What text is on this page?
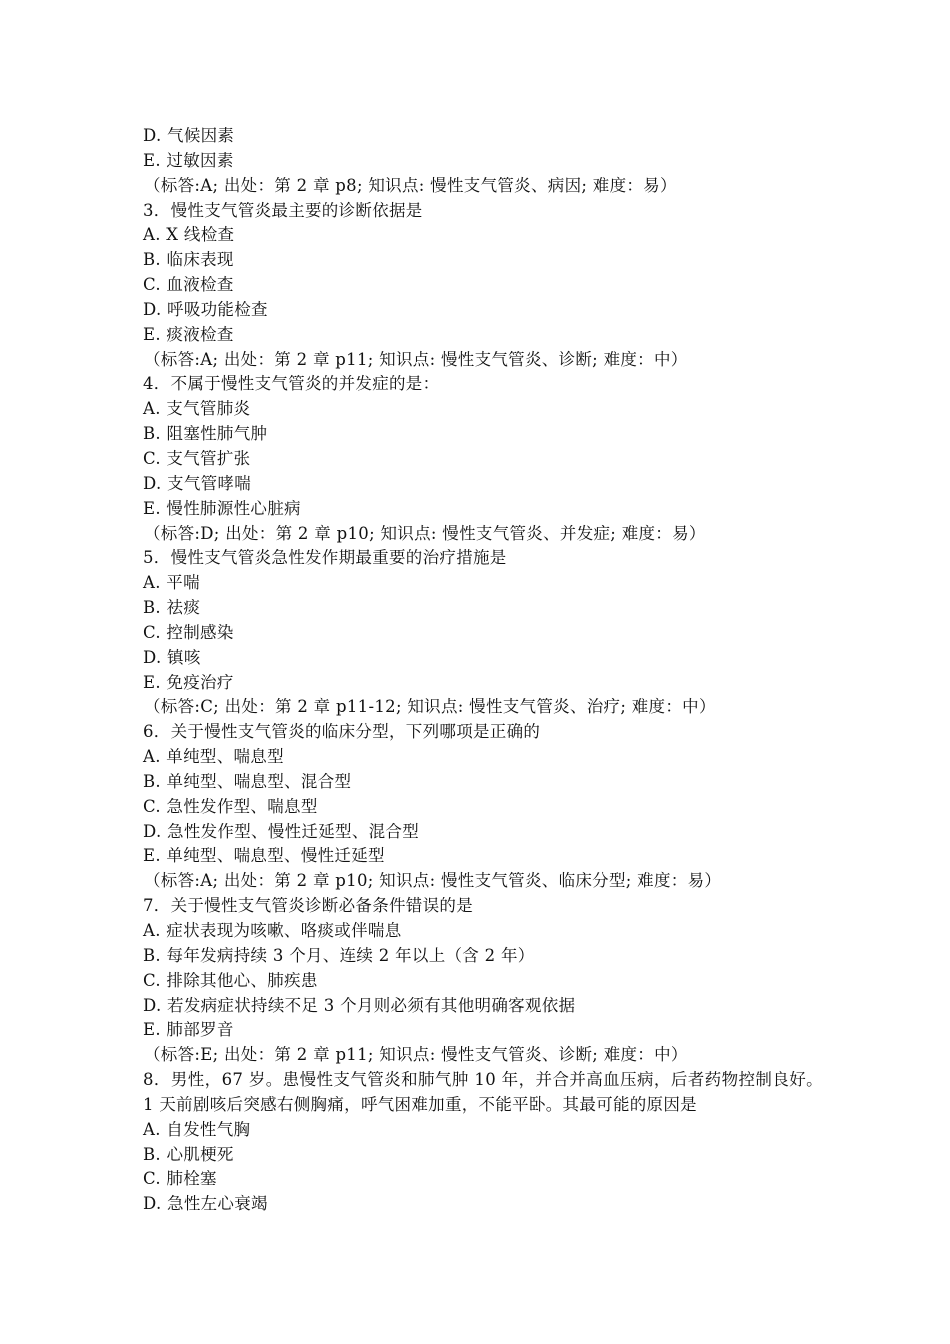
D. 气候因素
E. 过敏因素
（标答:A; 出处：第 2 章 p8; 知识点: 慢性支气管炎、病因; 难度：易）
3．慢性支气管炎最主要的诊断依据是
A. X 线检查
B. 临床表现
C. 血液检查
D. 呼吸功能检查
E. 痰液检查
（标答:A; 出处：第 2 章 p11; 知识点: 慢性支气管炎、诊断; 难度：中）
4．不属于慢性支气管炎的并发症的是：
A. 支气管肺炎
B. 阻塞性肺气肿
C. 支气管扩张
D. 支气管哮喘
E. 慢性肺源性心脏病
（标答:D; 出处：第 2 章 p10; 知识点: 慢性支气管炎、并发症; 难度：易）
5．慢性支气管炎急性发作期最重要的治疗措施是
A. 平喘
B. 祛痰
C. 控制感染
D. 镇咳
E. 免疫治疗
（标答:C; 出处：第 2 章 p11-12; 知识点: 慢性支气管炎、治疗; 难度：中）
6．关于慢性支气管炎的临床分型，下列哪项是正确的
A. 单纯型、喘息型
B. 单纯型、喘息型、混合型
C. 急性发作型、喘息型
D. 急性发作型、慢性迁延型、混合型
E. 单纯型、喘息型、慢性迁延型
（标答:A; 出处：第 2 章 p10; 知识点: 慢性支气管炎、临床分型; 难度：易）
7．关于慢性支气管炎诊断必备条件错误的是
A. 症状表现为咳嗽、咯痰或伴喘息
B. 每年发病持续 3 个月、连续 2 年以上（含 2 年）
C. 排除其他心、肺疾患
D. 若发病症状持续不足 3 个月则必须有其他明确客观依据
E. 肺部罗音
（标答:E; 出处：第 2 章 p11; 知识点: 慢性支气管炎、诊断; 难度：中）
8．男性，67 岁。患慢性支气管炎和肺气肿 10 年，并合并高血压病，后者药物控制良好。1 天前剧咳后突感右侧胸痛，呼气困难加重，不能平卧。其最可能的原因是
A. 自发性气胸
B. 心肌梗死
C. 肺栓塞
D. 急性左心衰竭
